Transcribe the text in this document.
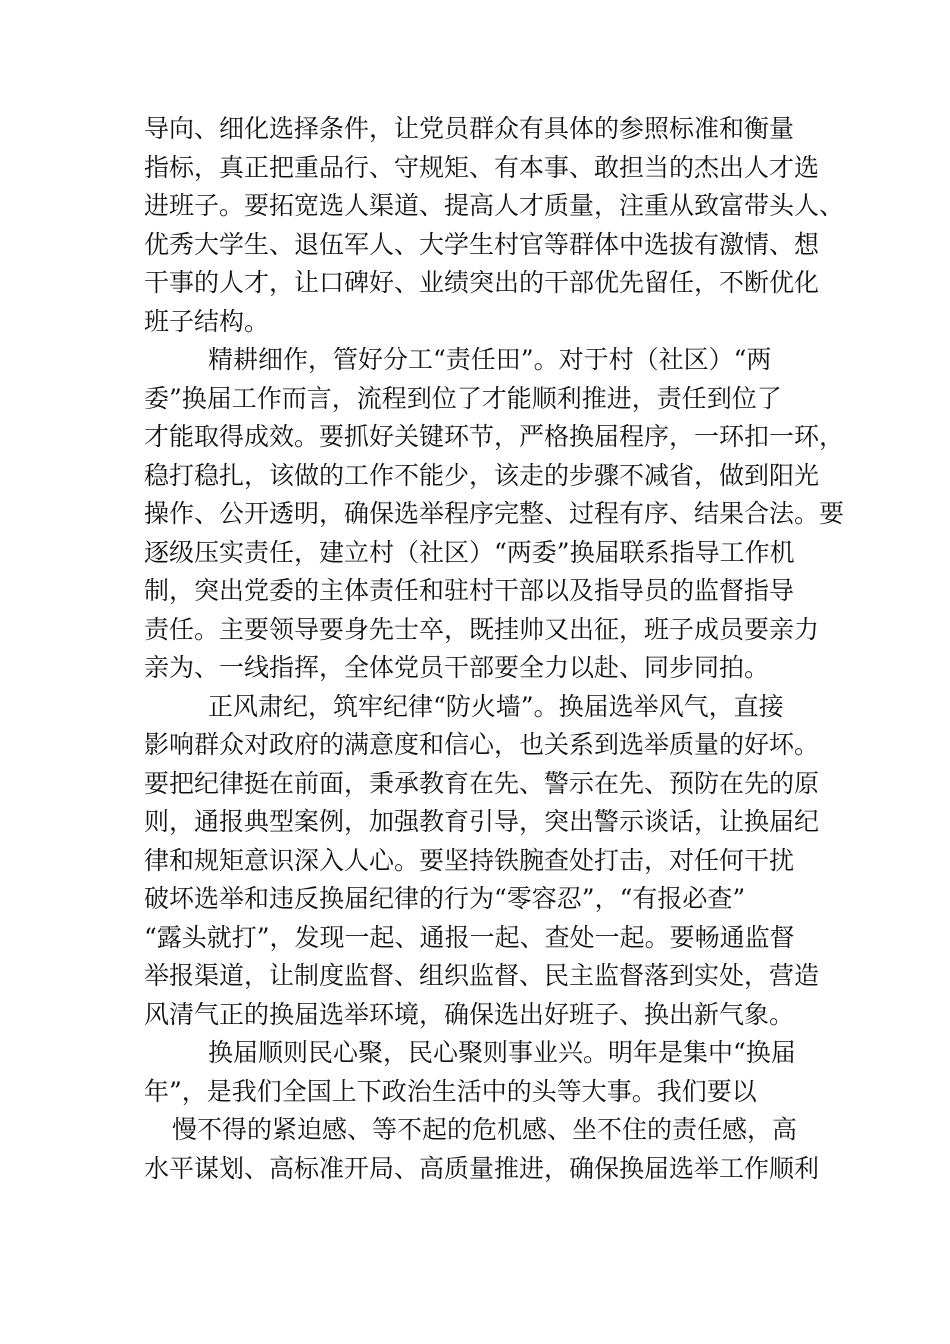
导向、细化选择条件，让党员群众有具体的参照标准和衡量
指标，真正把重品行、守规矩、有本事、敢担当的杰出人才选
进班子。要拓宽选人渠道、提高人才质量，注重从致富带头人、
优秀大学生、退伍军人、大学生村官等群体中选拔有激情、想
干事的人才，让口碑好、业绩突出的干部优先留任，不断优化
班子结构。
精耕细作，管好分工“责任田”。对于村（社区）“两
委”换届工作而言，流程到位了才能顺利推进，责任到位了
才能取得成效。要抓好关键环节，严格换届程序，一环扣一环，
稳打稳扎，该做的工作不能少，该走的步骤不减省，做到阳光
操作、公开透明，确保选举程序完整、过程有序、结果合法。要
逐级压实责任，建立村（社区）“两委”换届联系指导工作机
制，突出党委的主体责任和驻村干部以及指导员的监督指导
责任。主要领导要身先士卒，既挂帅又出征，班子成员要亲力
亲为、一线指挥，全体党员干部要全力以赴、同步同拍。
正风肃纪，筑牢纪律“防火墙”。换届选举风气，直接
影响群众对政府的满意度和信心，也关系到选举质量的好坏。
要把纪律挺在前面，秉承教育在先、警示在先、预防在先的原
则，通报典型案例，加强教育引导，突出警示谈话，让换届纪
律和规矩意识深入人心。要坚持铁腕查处打击，对任何干扰
破坏选举和违反换届纪律的行为“零容忍”，“有报必查”
“露头就打”，发现一起、通报一起、查处一起。要畅通监督
举报渠道，让制度监督、组织监督、民主监督落到实处，营造
风清气正的换届选举环境，确保选出好班子、换出新气象。
换届顺则民心聚，民心聚则事业兴。明年是集中“换届
年”，是我们全国上下政治生活中的头等大事。我们要以
慢不得的紧迫感、等不起的危机感、坐不住的责任感，高
水平谋划、高标准开局、高质量推进，确保换届选举工作顺利
